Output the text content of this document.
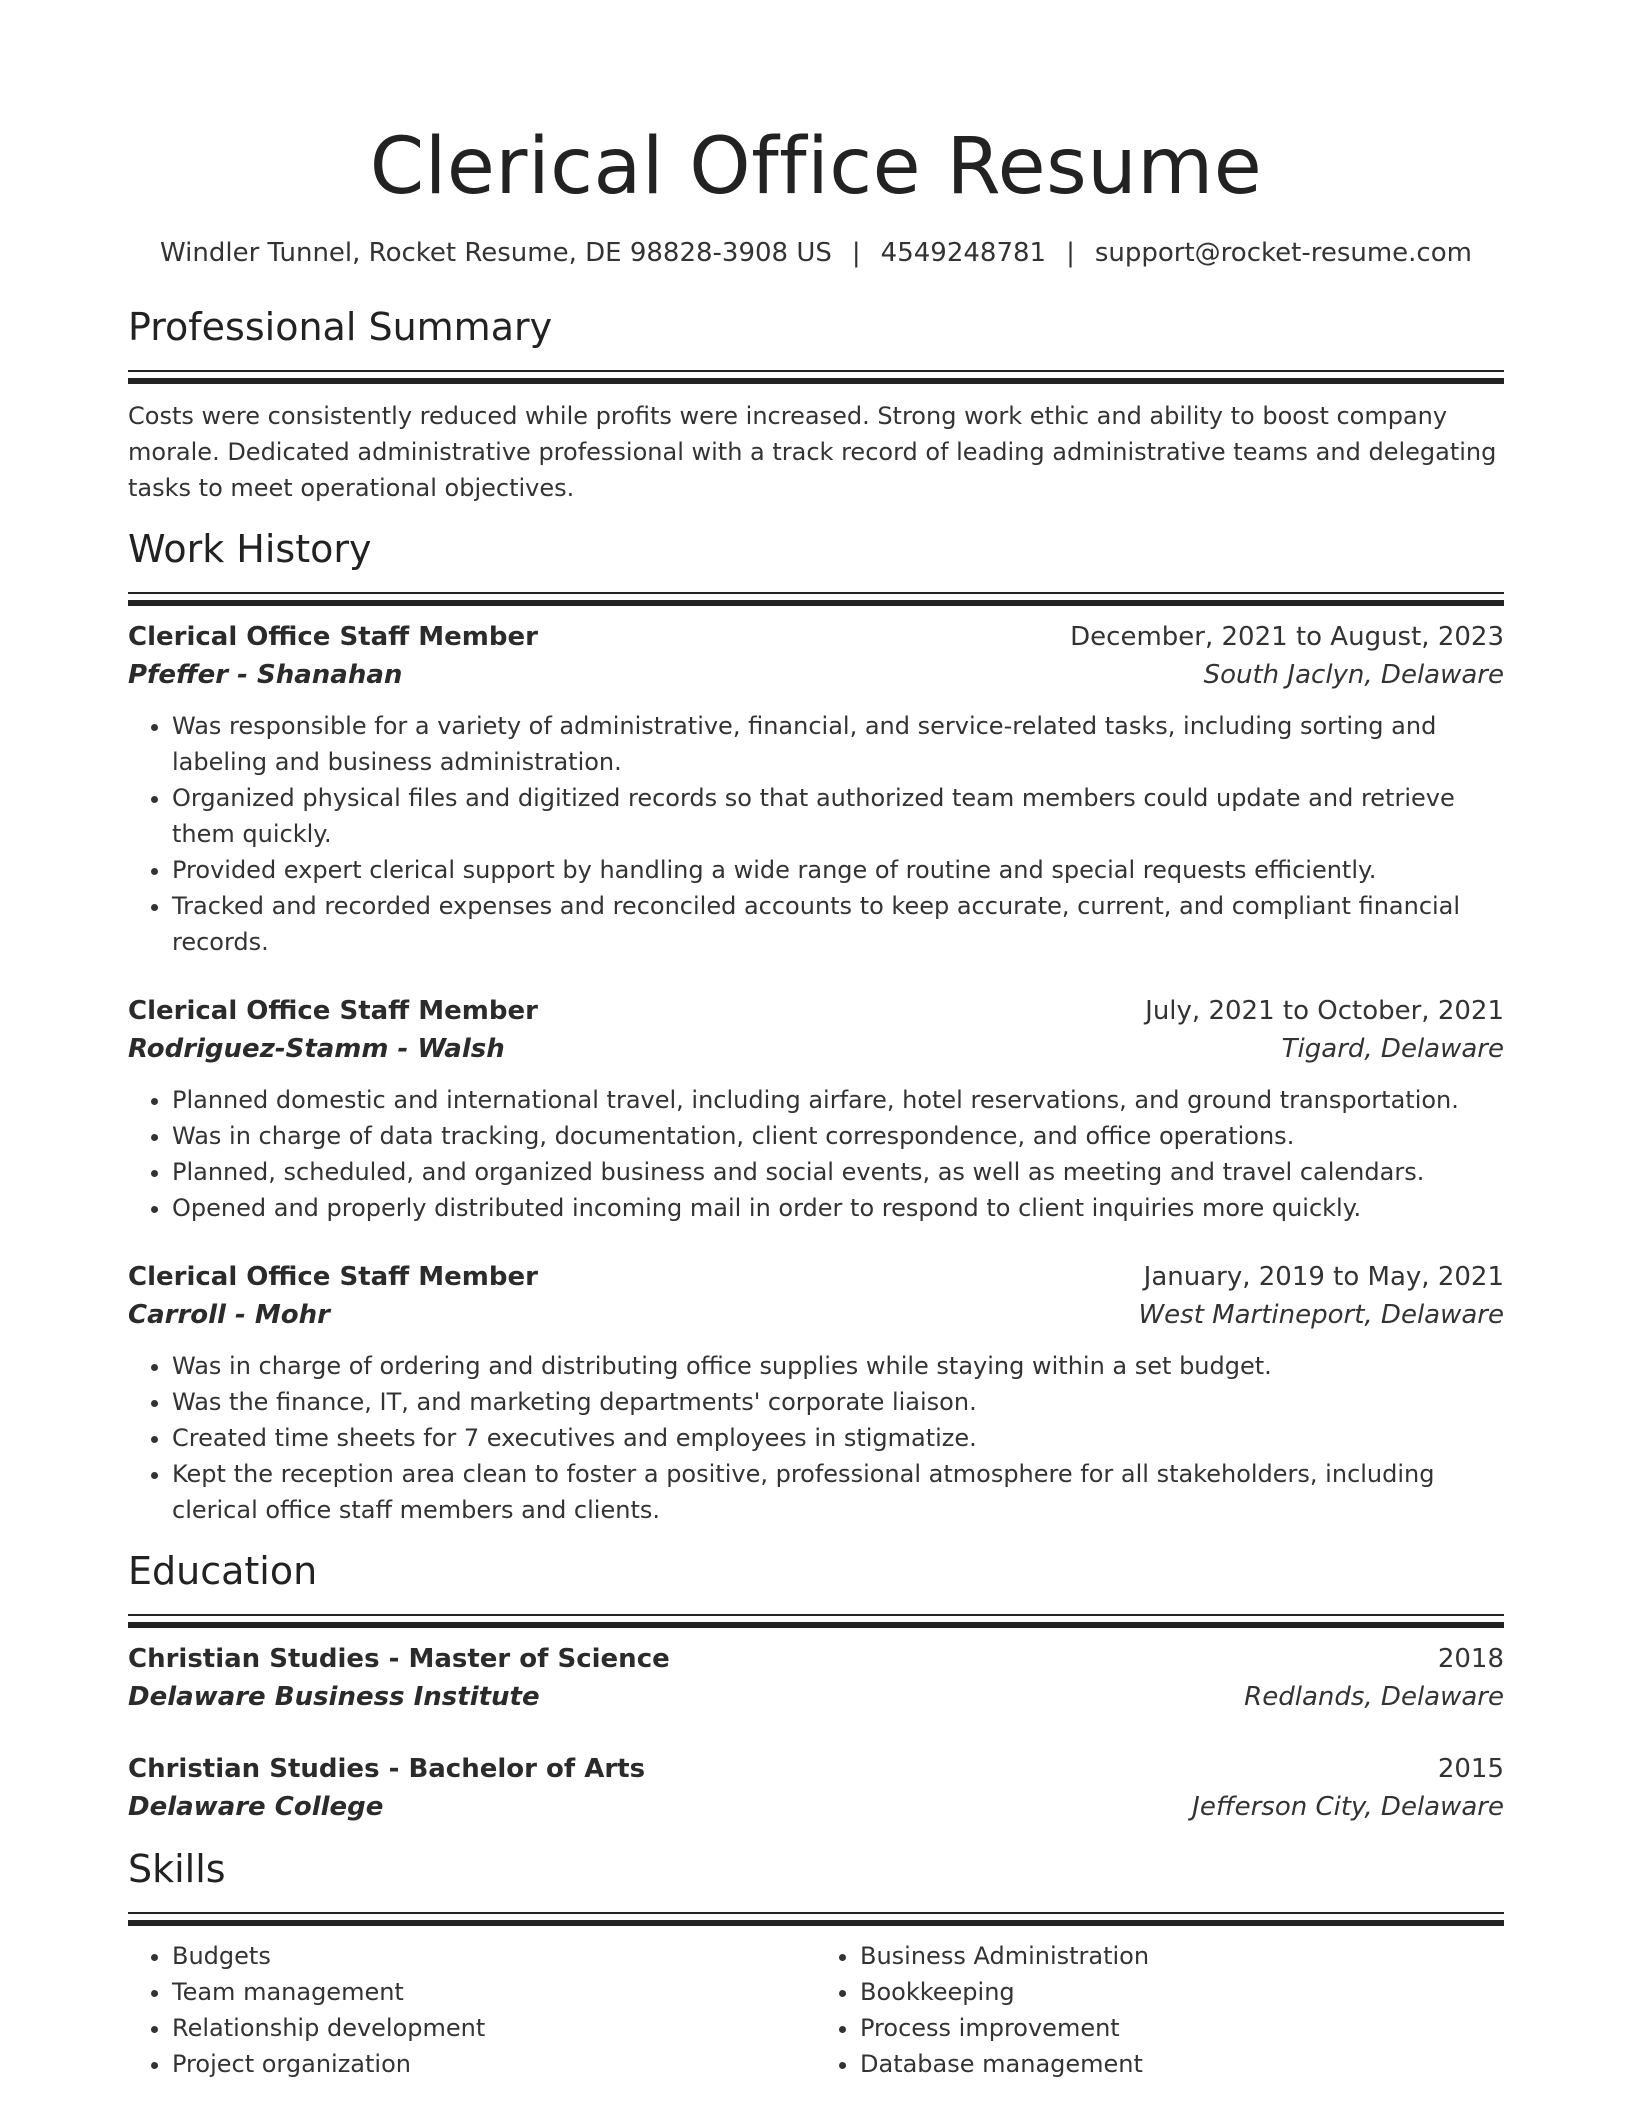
Clerical Office Resume
Windler Tunnel, Rocket Resume, DE 98828-3908 US | 4549248781 | support@rocket-resume.com
Professional Summary
Costs were consistently reduced while profits were increased. Strong work ethic and ability to boost company morale. Dedicated administrative professional with a track record of leading administrative teams and delegating tasks to meet operational objectives.
Work History
Clerical Office Staff Member	December, 2021 to August, 2023
Pfeffer - Shanahan	South Jaclyn, Delaware
• Was responsible for a variety of administrative, financial, and service-related tasks, including sorting and labeling and business administration.
• Organized physical files and digitized records so that authorized team members could update and retrieve them quickly.
• Provided expert clerical support by handling a wide range of routine and special requests efficiently.
• Tracked and recorded expenses and reconciled accounts to keep accurate, current, and compliant financial records.
Clerical Office Staff Member	July, 2021 to October, 2021
Rodriguez-Stamm - Walsh	Tigard, Delaware
• Planned domestic and international travel, including airfare, hotel reservations, and ground transportation.
• Was in charge of data tracking, documentation, client correspondence, and office operations.
• Planned, scheduled, and organized business and social events, as well as meeting and travel calendars.
• Opened and properly distributed incoming mail in order to respond to client inquiries more quickly.
Clerical Office Staff Member	January, 2019 to May, 2021
Carroll - Mohr	West Martineport, Delaware
• Was in charge of ordering and distributing office supplies while staying within a set budget.
• Was the finance, IT, and marketing departments' corporate liaison.
• Created time sheets for 7 executives and employees in stigmatize.
• Kept the reception area clean to foster a positive, professional atmosphere for all stakeholders, including clerical office staff members and clients.
Education
Christian Studies - Master of Science	2018
Delaware Business Institute	Redlands, Delaware
Christian Studies - Bachelor of Arts	2015
Delaware College	Jefferson City, Delaware
Skills
• Budgets
• Team management
• Relationship development
• Project organization
• Business Administration
• Bookkeeping
• Process improvement
• Database management
